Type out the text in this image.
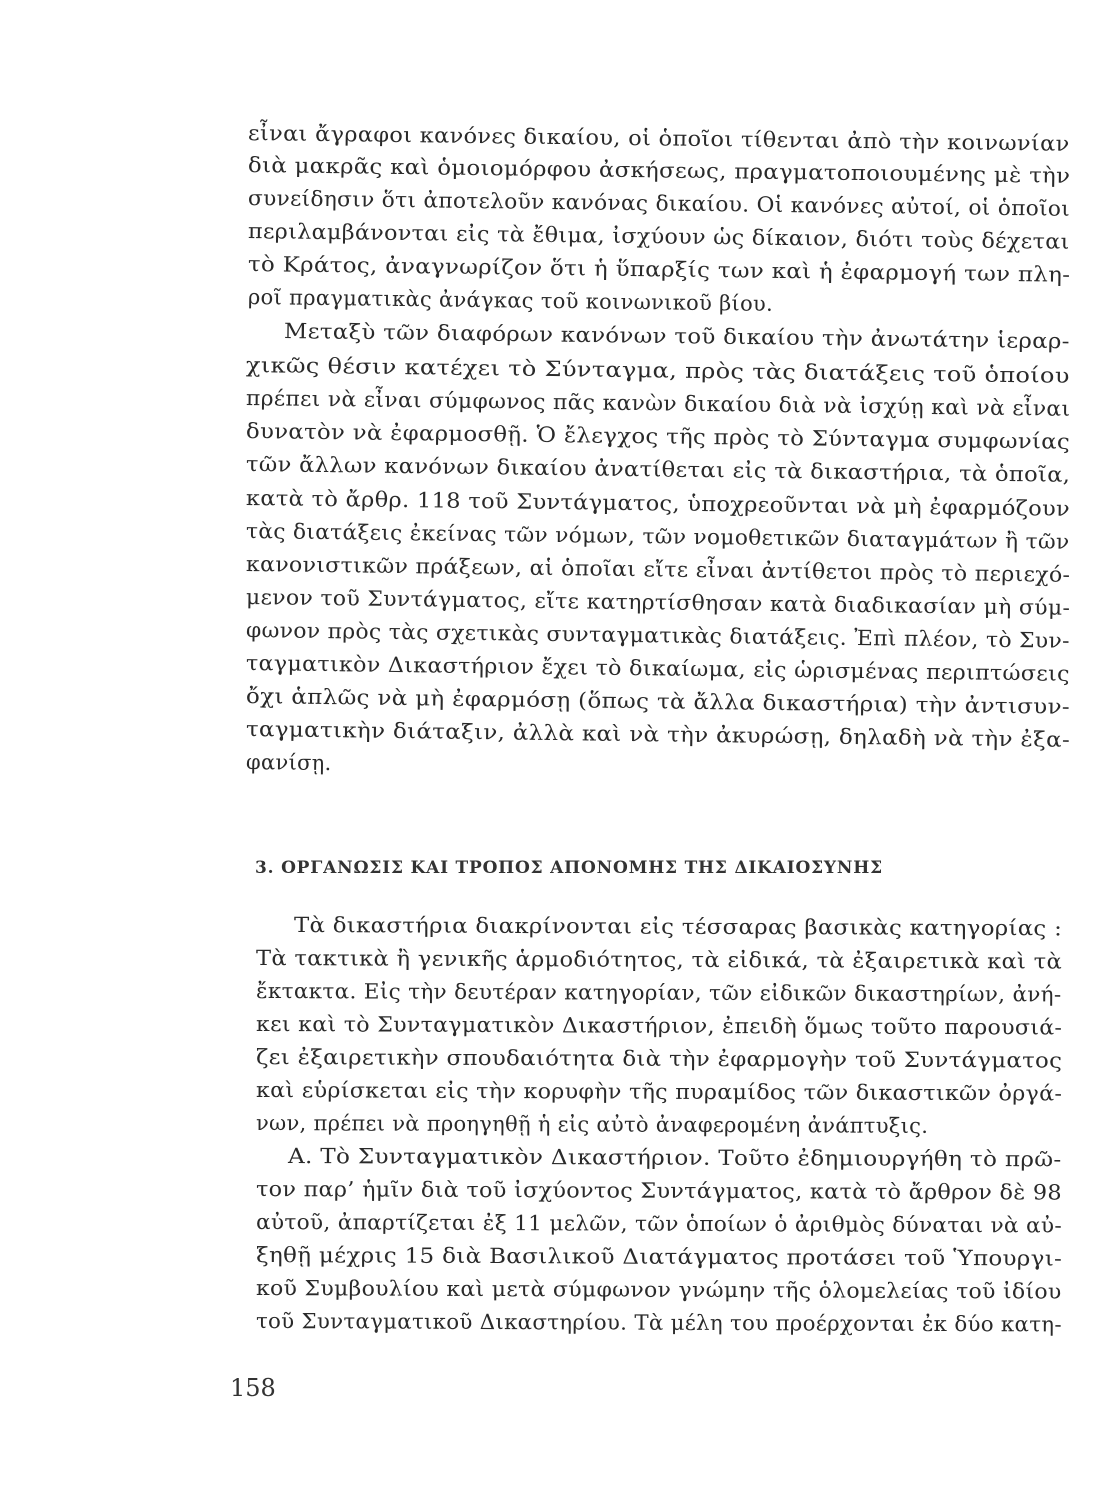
εἶναι ἄγραφοι κανόνες δικαίου, οἱ ὁποῖοι τίθενται ἀπὸ τὴν κοινωνίαν
διὰ μακρᾶς καὶ ὁμοιομόρφου ἀσκήσεως, πραγματοποιουμένης μὲ τὴν
συνείδησιν ὅτι ἀποτελοῦν κανόνας δικαίου. Οἱ κανόνες αὐτοί, οἱ ὁποῖοι
περιλαμβάνονται εἰς τὰ ἔθιμα, ἰσχύουν ὡς δίκαιον, διότι τοὺς δέχεται
τὸ Κράτος, ἀναγνωρίζον ὅτι ἡ ὕπαρξίς των καὶ ἡ ἐφαρμογή των πλη-
ροῖ πραγματικὰς ἀνάγκας τοῦ κοινωνικοῦ βίου.
Μεταξὺ τῶν διαφόρων κανόνων τοῦ δικαίου τὴν ἀνωτάτην ἱεραρ-
χικῶς θέσιν κατέχει τὸ Σύνταγμα, πρὸς τὰς διατάξεις τοῦ ὁποίου
πρέπει νὰ εἶναι σύμφωνος πᾶς κανὼν δικαίου διὰ νὰ ἰσχύῃ καὶ νὰ εἶναι
δυνατὸν νὰ ἐφαρμοσθῇ. Ὁ ἔλεγχος τῆς πρὸς τὸ Σύνταγμα συμφωνίας
τῶν ἄλλων κανόνων δικαίου ἀνατίθεται εἰς τὰ δικαστήρια, τὰ ὁποῖα,
κατὰ τὸ ἄρθρ. 118 τοῦ Συντάγματος, ὑποχρεοῦνται νὰ μὴ ἐφαρμόζουν
τὰς διατάξεις ἐκείνας τῶν νόμων, τῶν νομοθετικῶν διαταγμάτων ἢ τῶν
κανονιστικῶν πράξεων, αἱ ὁποῖαι εἴτε εἶναι ἀντίθετοι πρὸς τὸ περιεχό-
μενον τοῦ Συντάγματος, εἴτε κατηρτίσθησαν κατὰ διαδικασίαν μὴ σύμ-
φωνον πρὸς τὰς σχετικὰς συνταγματικὰς διατάξεις. Ἐπὶ πλέον, τὸ Συν-
ταγματικὸν Δικαστήριον ἔχει τὸ δικαίωμα, εἰς ὡρισμένας περιπτώσεις
ὄχι ἁπλῶς νὰ μὴ ἐφαρμόσῃ (ὅπως τὰ ἄλλα δικαστήρια) τὴν ἀντισυν-
ταγματικὴν διάταξιν, ἀλλὰ καὶ νὰ τὴν ἀκυρώσῃ, δηλαδὴ νὰ τὴν ἐξα-
φανίσῃ.
3. ΟΡΓΑΝΩΣΙΣ ΚΑΙ ΤΡΟΠΟΣ ΑΠΟΝΟΜΗΣ ΤΗΣ ΔΙΚΑΙΟΣΥΝΗΣ
Τὰ δικαστήρια διακρίνονται εἰς τέσσαρας βασικὰς κατηγορίας :
Τὰ τακτικὰ ἢ γενικῆς ἁρμοδιότητος, τὰ εἰδικά, τὰ ἐξαιρετικὰ καὶ τὰ
ἔκτακτα. Εἰς τὴν δευτέραν κατηγορίαν, τῶν εἰδικῶν δικαστηρίων, ἀνή-
κει καὶ τὸ Συνταγματικὸν Δικαστήριον, ἐπειδὴ ὅμως τοῦτο παρουσιά-
ζει ἐξαιρετικὴν σπουδαιότητα διὰ τὴν ἐφαρμογὴν τοῦ Συντάγματος
καὶ εὑρίσκεται εἰς τὴν κορυφὴν τῆς πυραμίδος τῶν δικαστικῶν ὀργά-
νων, πρέπει νὰ προηγηθῇ ἡ εἰς αὐτὸ ἀναφερομένη ἀνάπτυξις.
Α. Τὸ Συνταγματικὸν Δικαστήριον. Τοῦτο ἐδημιουργήθη τὸ πρῶ-
τον παρ’ ἡμῖν διὰ τοῦ ἰσχύοντος Συντάγματος, κατὰ τὸ ἄρθρον δὲ 98
αὐτοῦ, ἀπαρτίζεται ἐξ 11 μελῶν, τῶν ὁποίων ὁ ἀριθμὸς δύναται νὰ αὐ-
ξηθῇ μέχρις 15 διὰ Βασιλικοῦ Διατάγματος προτάσει τοῦ Ὑπουργι-
κοῦ Συμβουλίου καὶ μετὰ σύμφωνον γνώμην τῆς ὁλομελείας τοῦ ἰδίου
τοῦ Συνταγματικοῦ Δικαστηρίου. Τὰ μέλη του προέρχονται ἐκ δύο κατη-
158
